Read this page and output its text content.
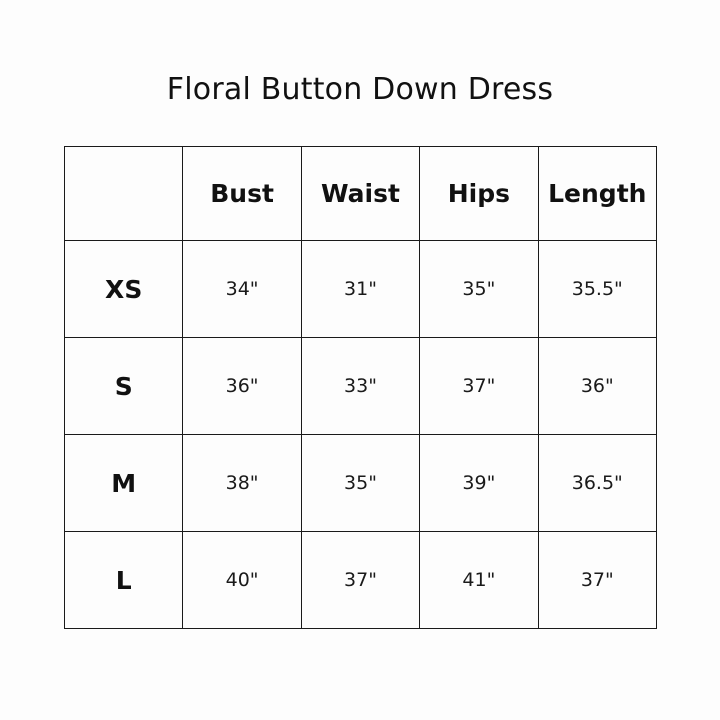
Floral Button Down Dress
	Bust	Waist	Hips	Length
XS	34"	31"	35"	35.5"
S	36"	33"	37"	36"
M	38"	35"	39"	36.5"
L	40"	37"	41"	37"
